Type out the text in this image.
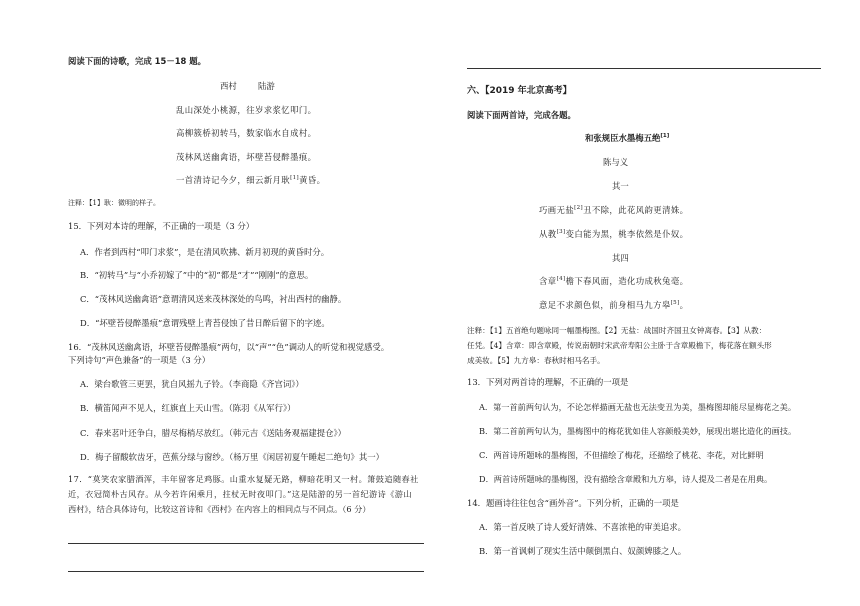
阅读下面的诗歌，完成 15－18 题。
西村	陆游
乱山深处小桃源，往岁求浆忆叩门。
高柳簇桥初转马，数家临水自成村。
茂林风送幽禽语，坏壁苔侵醉墨痕。
一首清诗记今夕，细云新月耿[1]黄昏。
注释：【1】耿：微明的样子。
15．下列对本诗的理解，不正确的一项是（3 分）
A．作者到西村“叩门求浆”，是在清风吹拂、新月初现的黄昏时分。
B．“初转马”与“小乔初嫁了”中的“初”都是“才”“刚刚”的意思。
C．“茂林风送幽禽语”意谓清风送来茂林深处的鸟鸣，衬出西村的幽静。
D．“坏壁苔侵醉墨痕”意谓残壁上青苔侵蚀了昔日醉后留下的字迹。
16．“茂林风送幽禽语，坏壁苔侵醉墨痕”两句，以“声”“色”调动人的听觉和视觉感受。
下列诗句“声色兼备”的一项是（3 分）
A．梁台歌管三更罢，犹自风摇九子铃。（李商隐《齐宫词》）
B．横笛闻声不见人，红旗直上天山雪。（陈羽《从军行》）
C．春来茗叶还争白，腊尽梅梢尽放红。（韩元吉《送陆务观福建提仓》）
D．梅子留酸软齿牙，芭蕉分绿与窗纱。（杨万里《闲居初夏午睡起二绝句》其一）
17．“莫笑农家腊酒浑，丰年留客足鸡豚。山重水复疑无路，柳暗花明又一村。箫鼓追随春社
近，衣冠简朴古风存。从今若许闲乘月，拄杖无时夜叩门。”这是陆游的另一首纪游诗《游山
西村》，结合具体诗句，比较这首诗和《西村》在内容上的相同点与不同点。（6 分）
六、【2019 年北京高考】
阅读下面两首诗，完成各题。
和张规臣水墨梅五绝[1]
陈与义
其一
巧画无盐[2]丑不除，此花风韵更清姝。
从教[3]变白能为黑，桃李依然是仆奴。
其四
含章[4]檐下春风面，造化功成秋兔毫。
意足不求颜色似，前身相马九方皋[5]。
注释：【1】五首绝句题咏同一幅墨梅图。【2】无盐：战国时齐国丑女钟离春。【3】从教：
任凭。【4】含章：即含章殿，传说南朝时宋武帝寿阳公主卧于含章殿檐下，梅花落在额头形
成美妆。【5】九方皋：春秋时相马名手。
13．下列对两首诗的理解，不正确的一项是
A．第一首前两句认为，不论怎样描画无盐也无法变丑为美，墨梅图却能尽显梅花之美。
B．第二首前两句认为，墨梅图中的梅花犹如佳人容颜般美妙，展现出堪比造化的画技。
C．两首诗所题咏的墨梅图，不但描绘了梅花，还描绘了桃花、李花，对比鲜明
D．两首诗所题咏的墨梅图，没有描绘含章殿和九方皋，诗人提及二者是在用典。
14．题画诗往往包含“画外音”。下列分析，正确的一项是
A．第一首反映了诗人爱好清姝、不喜浓艳的审美追求。
B．第一首讽刺了现实生活中颠倒黑白、奴颜婢膝之人。
